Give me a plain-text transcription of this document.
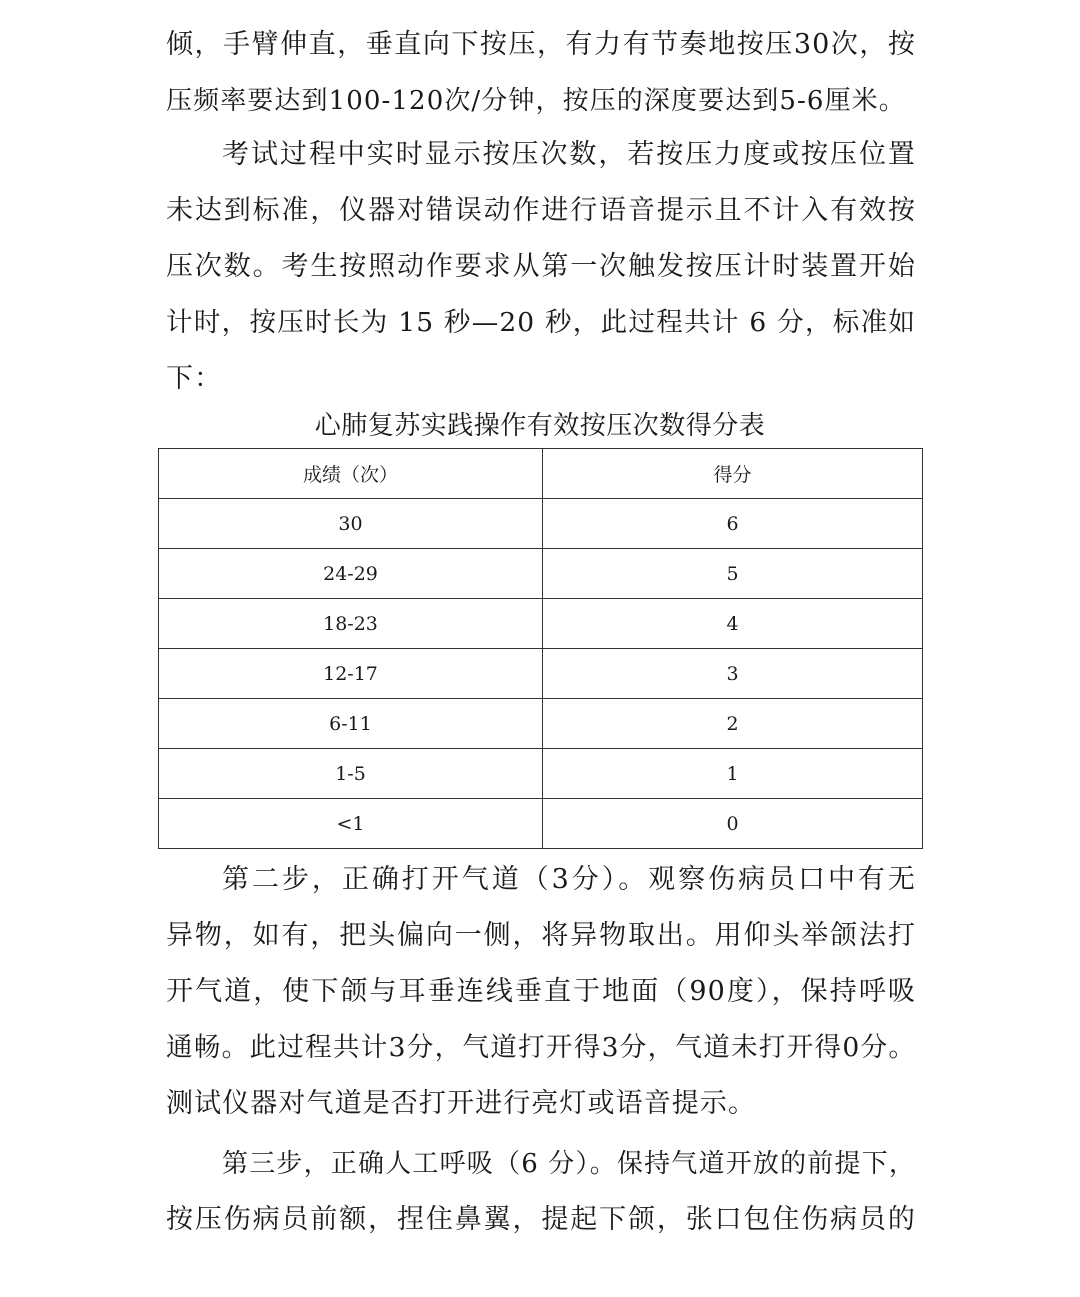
倾，手臂伸直，垂直向下按压，有力有节奏地按压30次，按
压频率要达到100-120次/分钟，按压的深度要达到5-6厘米。
考试过程中实时显示按压次数，若按压力度或按压位置
未达到标准，仪器对错误动作进行语音提示且不计入有效按
压次数。考生按照动作要求从第一次触发按压计时装置开始
计时，按压时长为 15 秒—20 秒，此过程共计 6 分，标准如
下：
心肺复苏实践操作有效按压次数得分表
成绩（次）	得分
30	6
24-29	5
18-23	4
12-17	3
6-11	2
1-5	1
<1	0
第二步，正确打开气道（3分）。观察伤病员口中有无
异物，如有，把头偏向一侧，将异物取出。用仰头举颌法打
开气道，使下颌与耳垂连线垂直于地面（90度），保持呼吸
通畅。此过程共计3分，气道打开得3分，气道未打开得0分。
测试仪器对气道是否打开进行亮灯或语音提示。
第三步，正确人工呼吸（6 分）。保持气道开放的前提下，
按压伤病员前额，捏住鼻翼，提起下颌，张口包住伤病员的
